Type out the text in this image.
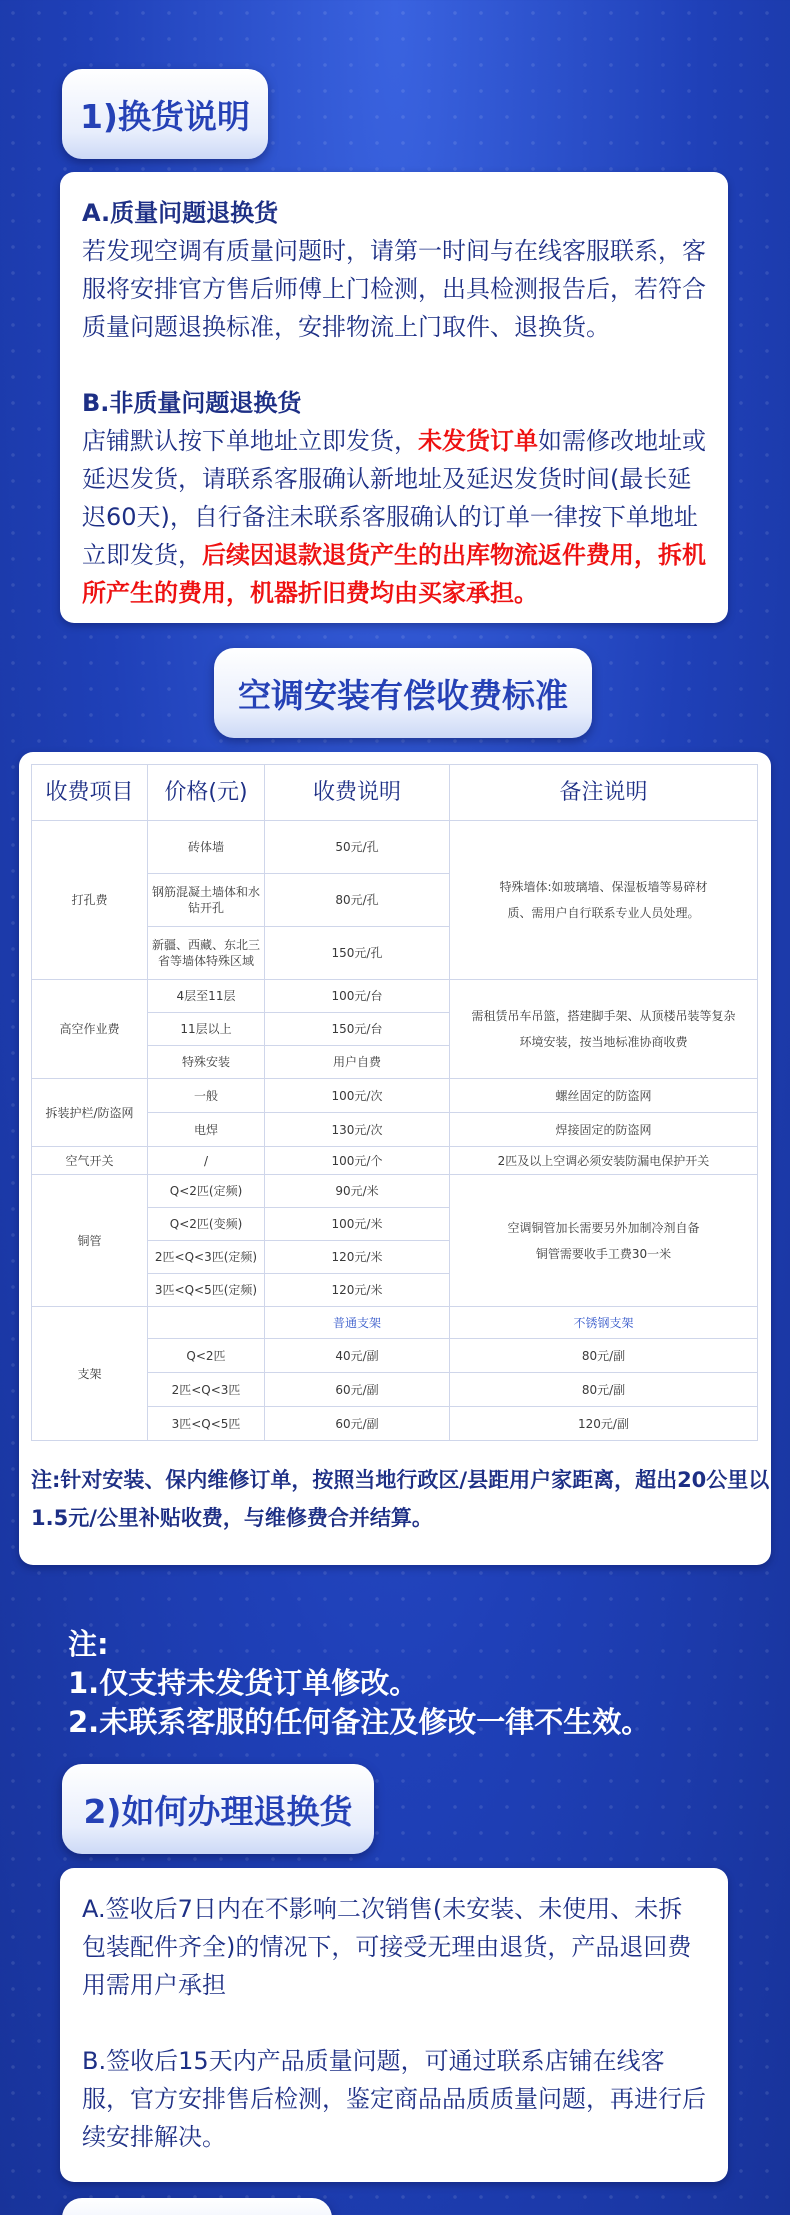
1)换货说明
A.质量问题退换货
若发现空调有质量问题时，请第一时间与在线客服联系，客服将安排官方售后师傅上门检测，出具检测报告后，若符合质量问题退换标准，安排物流上门取件、退换货。
B.非质量问题退换货
店铺默认按下单地址立即发货，未发货订单如需修改地址或延迟发货，请联系客服确认新地址及延迟发货时间(最长延迟60天)，自行备注未联系客服确认的订单一律按下单地址立即发货，后续因退款退货产生的出库物流返件费用，拆机所产生的费用，机器折旧费均由买家承担。
空调安装有偿收费标准
收费项目	价格(元)	收费说明	备注说明
打孔费	砖体墙	50元/孔	特殊墙体:如玻璃墙、保湿板墙等易碎材质、需用户自行联系专业人员处理。
	钢筋混凝土墙体和水钻开孔	80元/孔	
	新疆、西藏、东北三省等墙体特殊区域	150元/孔	
高空作业费	4层至11层	100元/台	需租赁吊车吊篮，搭建脚手架、从顶楼吊装等复杂环境安装，按当地标准协商收费
	11层以上	150元/台	
	特殊安装	用户自费	
拆装护栏/防盗网	一般	100元/次	螺丝固定的防盗网
	电焊	130元/次	焊接固定的防盗网
空气开关	/	100元/个	2匹及以上空调必须安装防漏电保护开关
铜管	Q<2匹(定频)	90元/米	空调铜管加长需要另外加制冷剂自备铜管需要收手工费30一米
	Q<2匹(变频)	100元/米	
	2匹<Q<3匹(定频)	120元/米	
	3匹<Q<5匹(定频)	120元/米	
支架		普通支架	不锈钢支架
	Q<2匹	40元/副	80元/副
	2匹<Q<3匹	60元/副	80元/副
	3匹<Q<5匹	60元/副	120元/副
注:针对安装、保内维修订单，按照当地行政区/县距用户家距离，超出20公里以1.5元/公里补贴收费，与维修费合并结算。
注:
1.仅支持未发货订单修改。
2.未联系客服的任何备注及修改一律不生效。
2)如何办理退换货
A.签收后7日内在不影响二次销售(未安装、未使用、未拆包装配件齐全)的情况下，可接受无理由退货，产品退回费用需用户承担
B.签收后15天内产品质量问题，可通过联系店铺在线客服，官方安排售后检测，鉴定商品品质质量问题，再进行后续安排解决。
